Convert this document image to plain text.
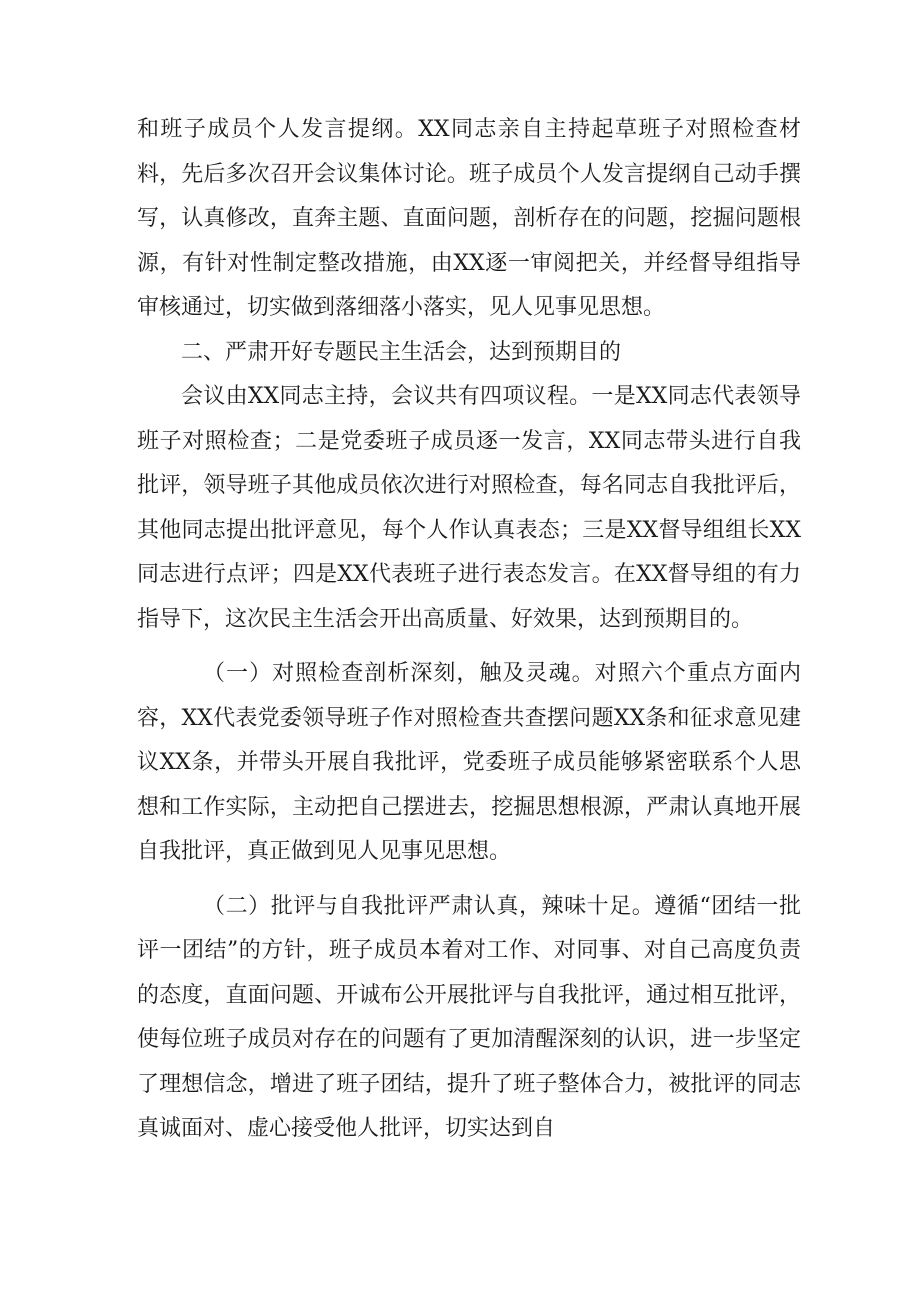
和班子成员个人发言提纲。XX同志亲自主持起草班子对照检查材料，先后多次召开会议集体讨论。班子成员个人发言提纲自己动手撰写，认真修改，直奔主题、直面问题，剖析存在的问题，挖掘问题根源，有针对性制定整改措施，由XX逐一审阅把关，并经督导组指导审核通过，切实做到落细落小落实，见人见事见思想。

二、严肃开好专题民主生活会，达到预期目的

会议由XX同志主持，会议共有四项议程。一是XX同志代表领导班子对照检查；二是党委班子成员逐一发言，XX同志带头进行自我批评，领导班子其他成员依次进行对照检查，每名同志自我批评后，其他同志提出批评意见，每个人作认真表态；三是XX督导组组长XX同志进行点评；四是XX代表班子进行表态发言。在XX督导组的有力指导下，这次民主生活会开出高质量、好效果，达到预期目的。

（一）对照检查剖析深刻，触及灵魂。对照六个重点方面内容，XX代表党委领导班子作对照检查共查摆问题XX条和征求意见建议XX条，并带头开展自我批评，党委班子成员能够紧密联系个人思想和工作实际，主动把自己摆进去，挖掘思想根源，严肃认真地开展自我批评，真正做到见人见事见思想。

（二）批评与自我批评严肃认真，辣味十足。遵循“团结一批评一团结”的方针，班子成员本着对工作、对同事、对自己高度负责的态度，直面问题、开诚布公开展批评与自我批评，通过相互批评，使每位班子成员对存在的问题有了更加清醒深刻的认识，进一步坚定了理想信念，增进了班子团结，提升了班子整体合力，被批评的同志真诚面对、虚心接受他人批评，切实达到自
